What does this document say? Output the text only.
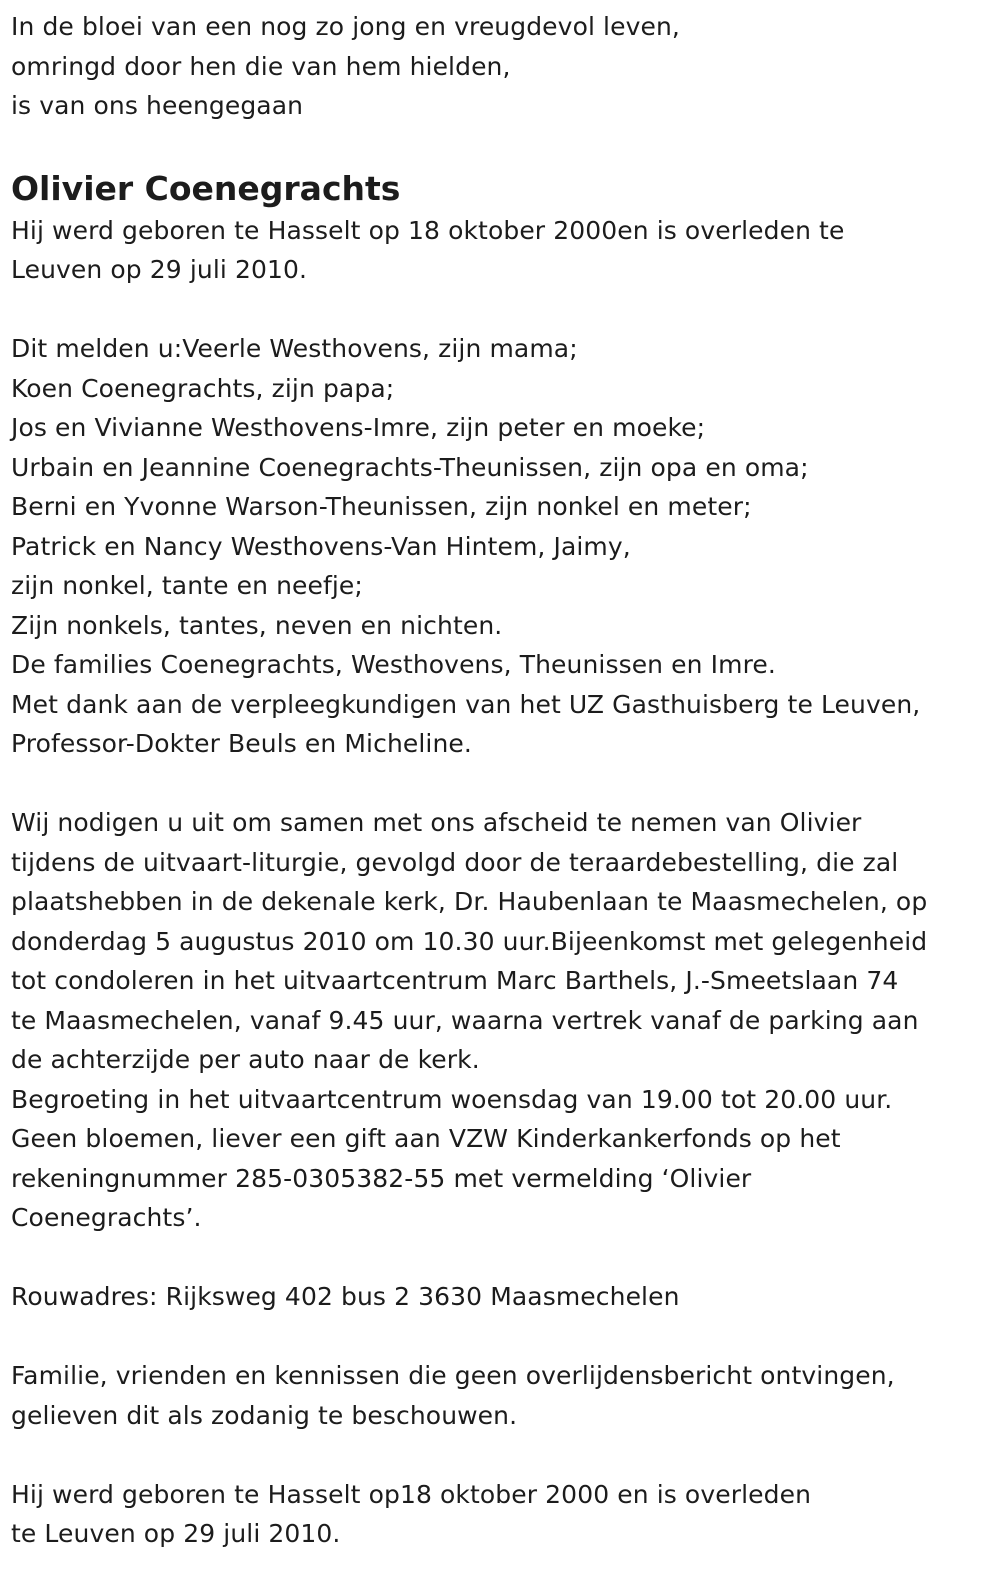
In de bloei van een nog zo jong en vreugdevol leven,

omringd door hen die van hem hielden,

is van ons heengegaan

Olivier Coenegrachts

Hij werd geboren te Hasselt op 18 oktober 2000en is overleden te

Leuven op 29 juli 2010.

Dit melden u:Veerle Westhovens, zijn mama;

Koen Coenegrachts, zijn papa;

Jos en Vivianne Westhovens-Imre, zijn peter en moeke;

Urbain en Jeannine Coenegrachts-Theunissen, zijn opa en oma;

Berni en Yvonne Warson-Theunissen, zijn nonkel en meter;

Patrick en Nancy Westhovens-Van Hintem, Jaimy,

zijn nonkel, tante en neefje;

Zijn nonkels, tantes, neven en nichten.

De families Coenegrachts, Westhovens, Theunissen en Imre.

Met dank aan de verpleegkundigen van het UZ Gasthuisberg te Leuven,

Professor-Dokter Beuls en Micheline.

Wij nodigen u uit om samen met ons afscheid te nemen van Olivier

tijdens de uitvaart-liturgie, gevolgd door de teraardebestelling, die zal

plaatshebben in de dekenale kerk, Dr. Haubenlaan te Maasmechelen, op

donderdag 5 augustus 2010 om 10.30 uur.Bijeenkomst met gelegenheid

tot condoleren in het uitvaartcentrum Marc Barthels, J.-Smeetslaan 74

te Maasmechelen, vanaf 9.45 uur, waarna vertrek vanaf de parking aan

de achterzijde per auto naar de kerk.

Begroeting in het uitvaartcentrum woensdag van 19.00 tot 20.00 uur.

Geen bloemen, liever een gift aan VZW Kinderkankerfonds op het

rekeningnummer 285-0305382-55 met vermelding ‘Olivier

Coenegrachts’.

Rouwadres: Rijksweg 402 bus 2 3630 Maasmechelen

Familie, vrienden en kennissen die geen overlijdensbericht ontvingen,

gelieven dit als zodanig te beschouwen.

Hij werd geboren te Hasselt op18 oktober 2000 en is overleden

te Leuven op 29 juli 2010.
